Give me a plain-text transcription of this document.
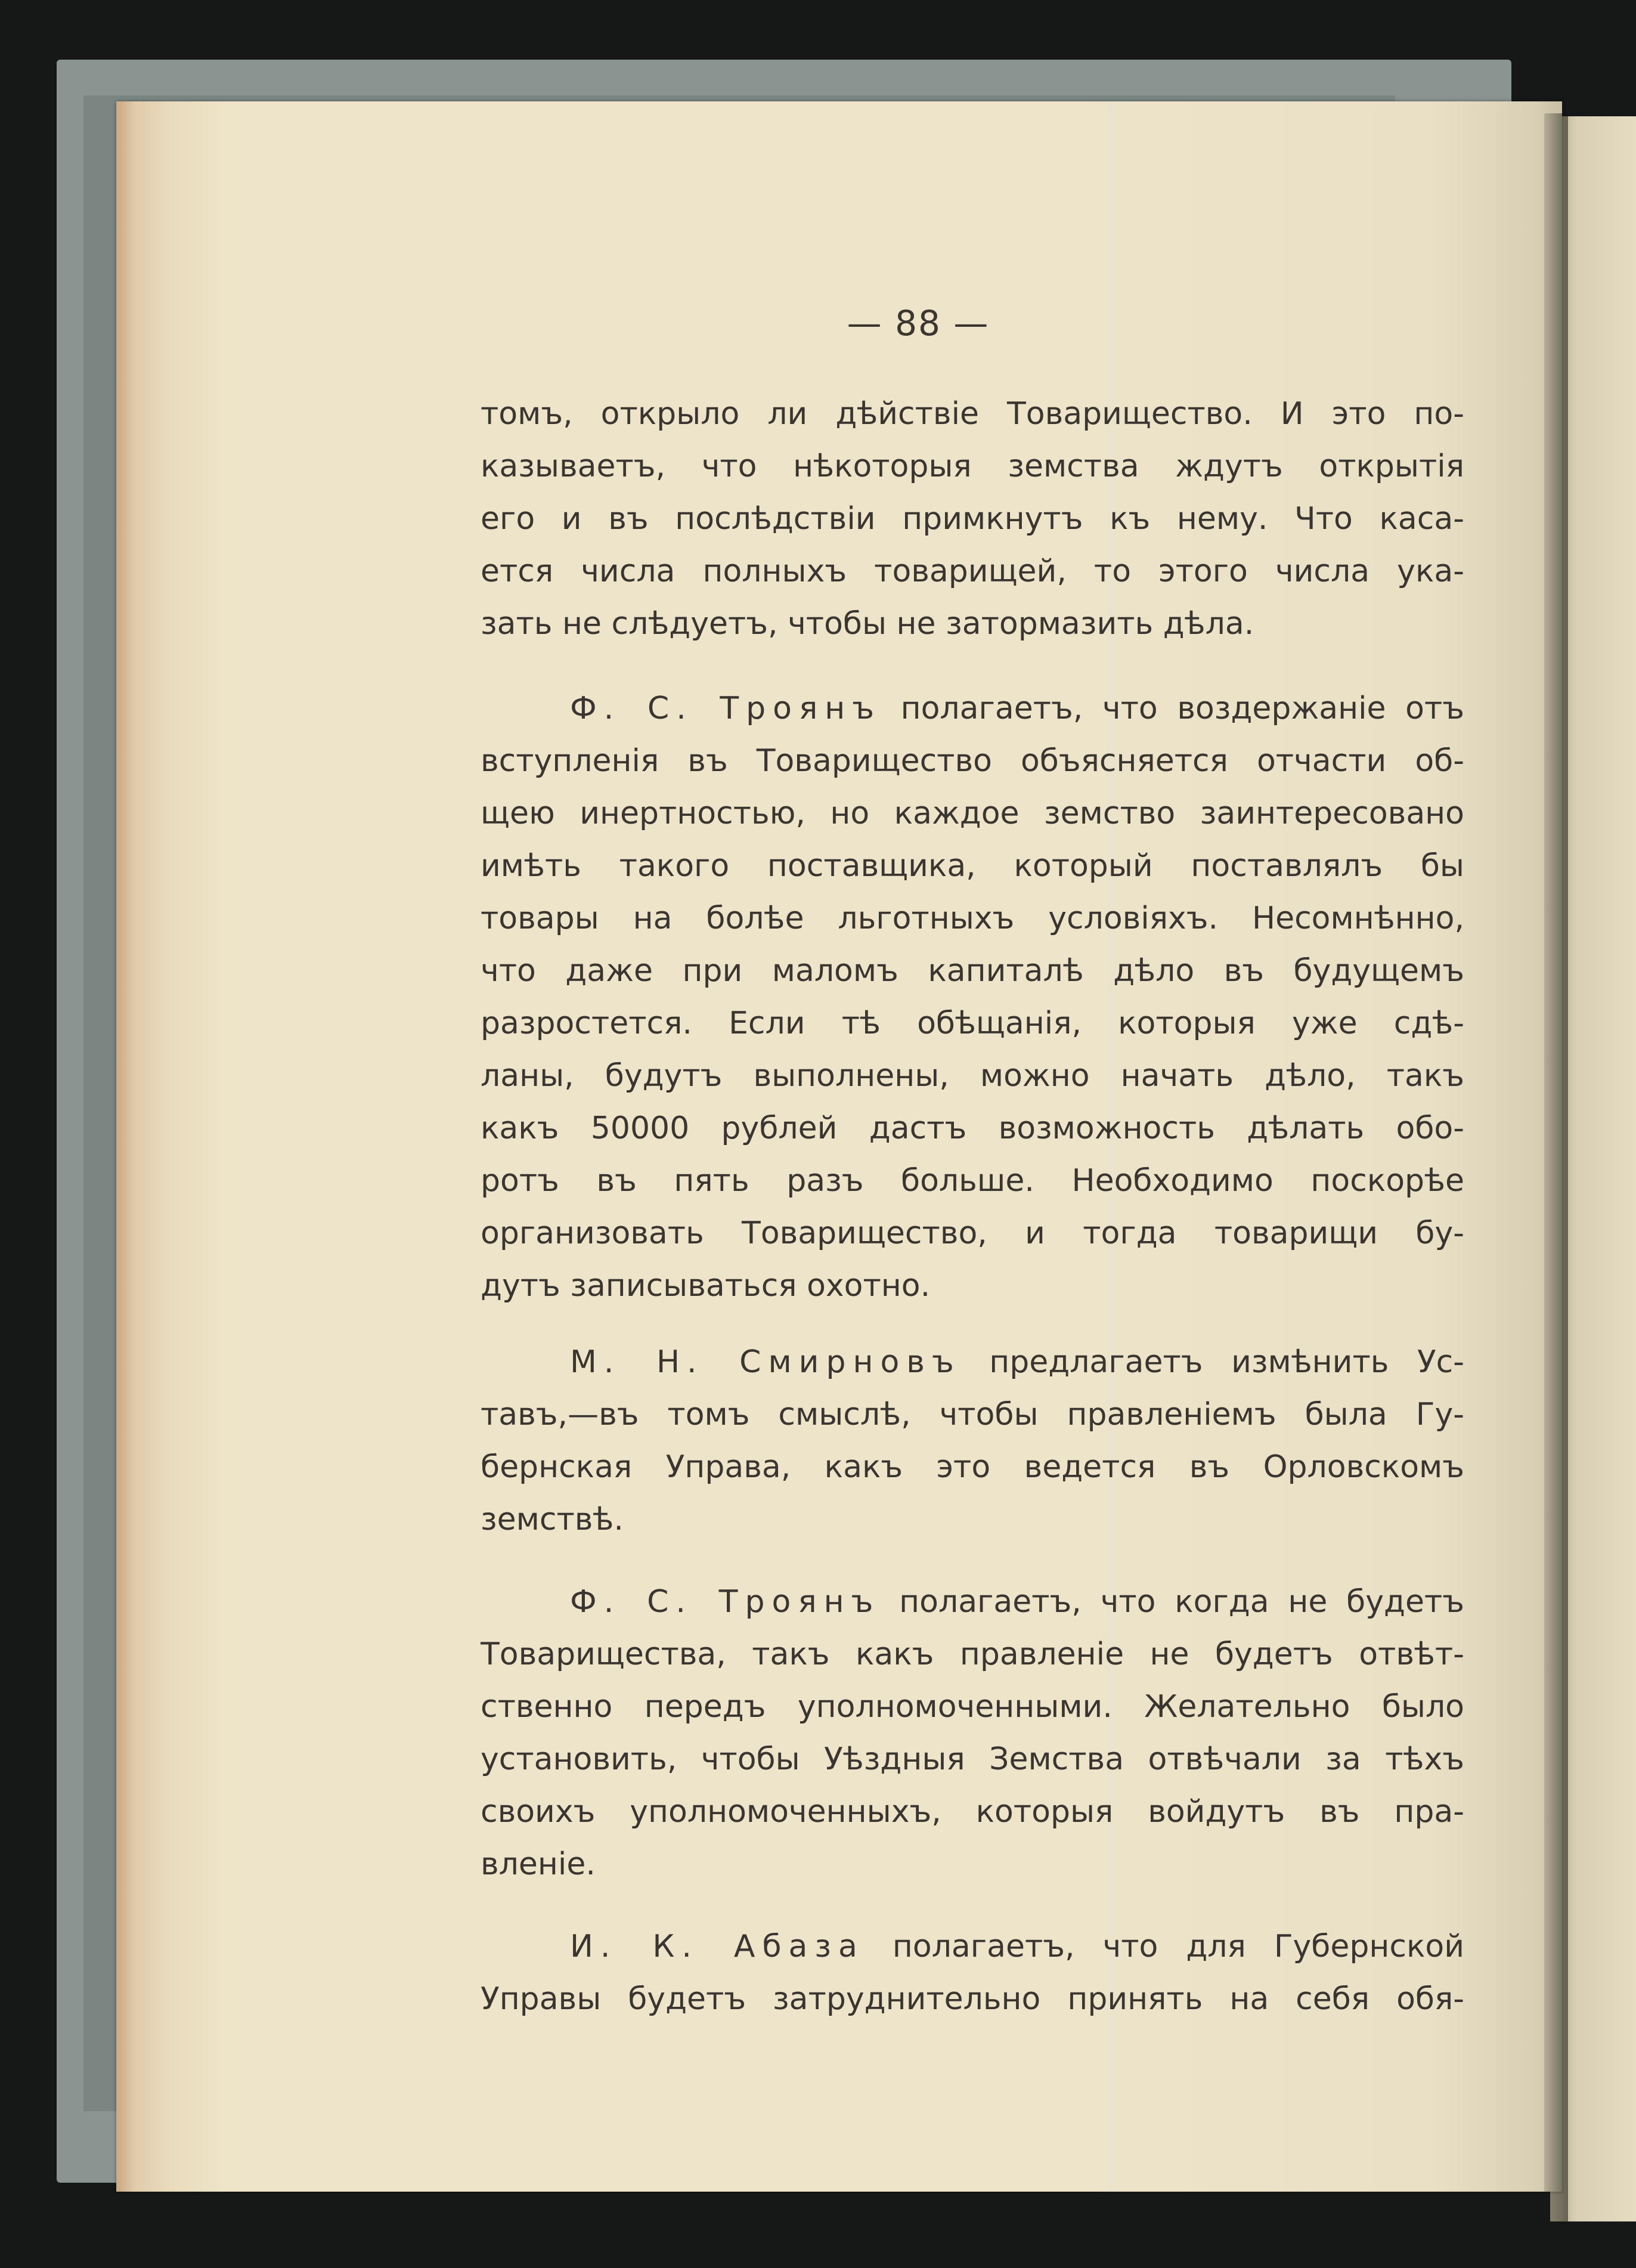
— 88 —
томъ, открыло ли дѣйствіе Товарищество. И это по-
казываетъ, что нѣкоторыя земства ждутъ открытія
его и въ послѣдствіи примкнутъ къ нему. Что каса-
ется числа полныхъ товарищей, то этого числа ука-
зать не слѣдуетъ, чтобы не затормазить дѣла.
Ф. С. Троянъ полагаетъ, что воздержаніе отъ
вступленія въ Товарищество объясняется отчасти об-
щею инертностью, но каждое земство заинтересовано
имѣть такого поставщика, который поставлялъ бы
товары на болѣе льготныхъ условіяхъ. Несомнѣнно,
что даже при маломъ капиталѣ дѣло въ будущемъ
разростется. Если тѣ обѣщанія, которыя уже сдѣ-
ланы, будутъ выполнены, можно начать дѣло, такъ
какъ 50000 рублей дастъ возможность дѣлать обо-
ротъ въ пять разъ больше. Необходимо поскорѣе
организовать Товарищество, и тогда товарищи бу-
дутъ записываться охотно.
М. Н. Смирновъ предлагаетъ измѣнить Ус-
тавъ,—въ томъ смыслѣ, чтобы правленіемъ была Гу-
бернская Управа, какъ это ведется въ Орловскомъ
земствѣ.
Ф. С. Троянъ полагаетъ, что когда не будетъ
Товарищества, такъ какъ правленіе не будетъ отвѣт-
ственно передъ уполномоченными. Желательно было
установить, чтобы Уѣздныя Земства отвѣчали за тѣхъ
своихъ уполномоченныхъ, которыя войдутъ въ пра-
вленіе.
И. К. Абаза полагаетъ, что для Губернской
Управы будетъ затруднительно принять на себя обя-
